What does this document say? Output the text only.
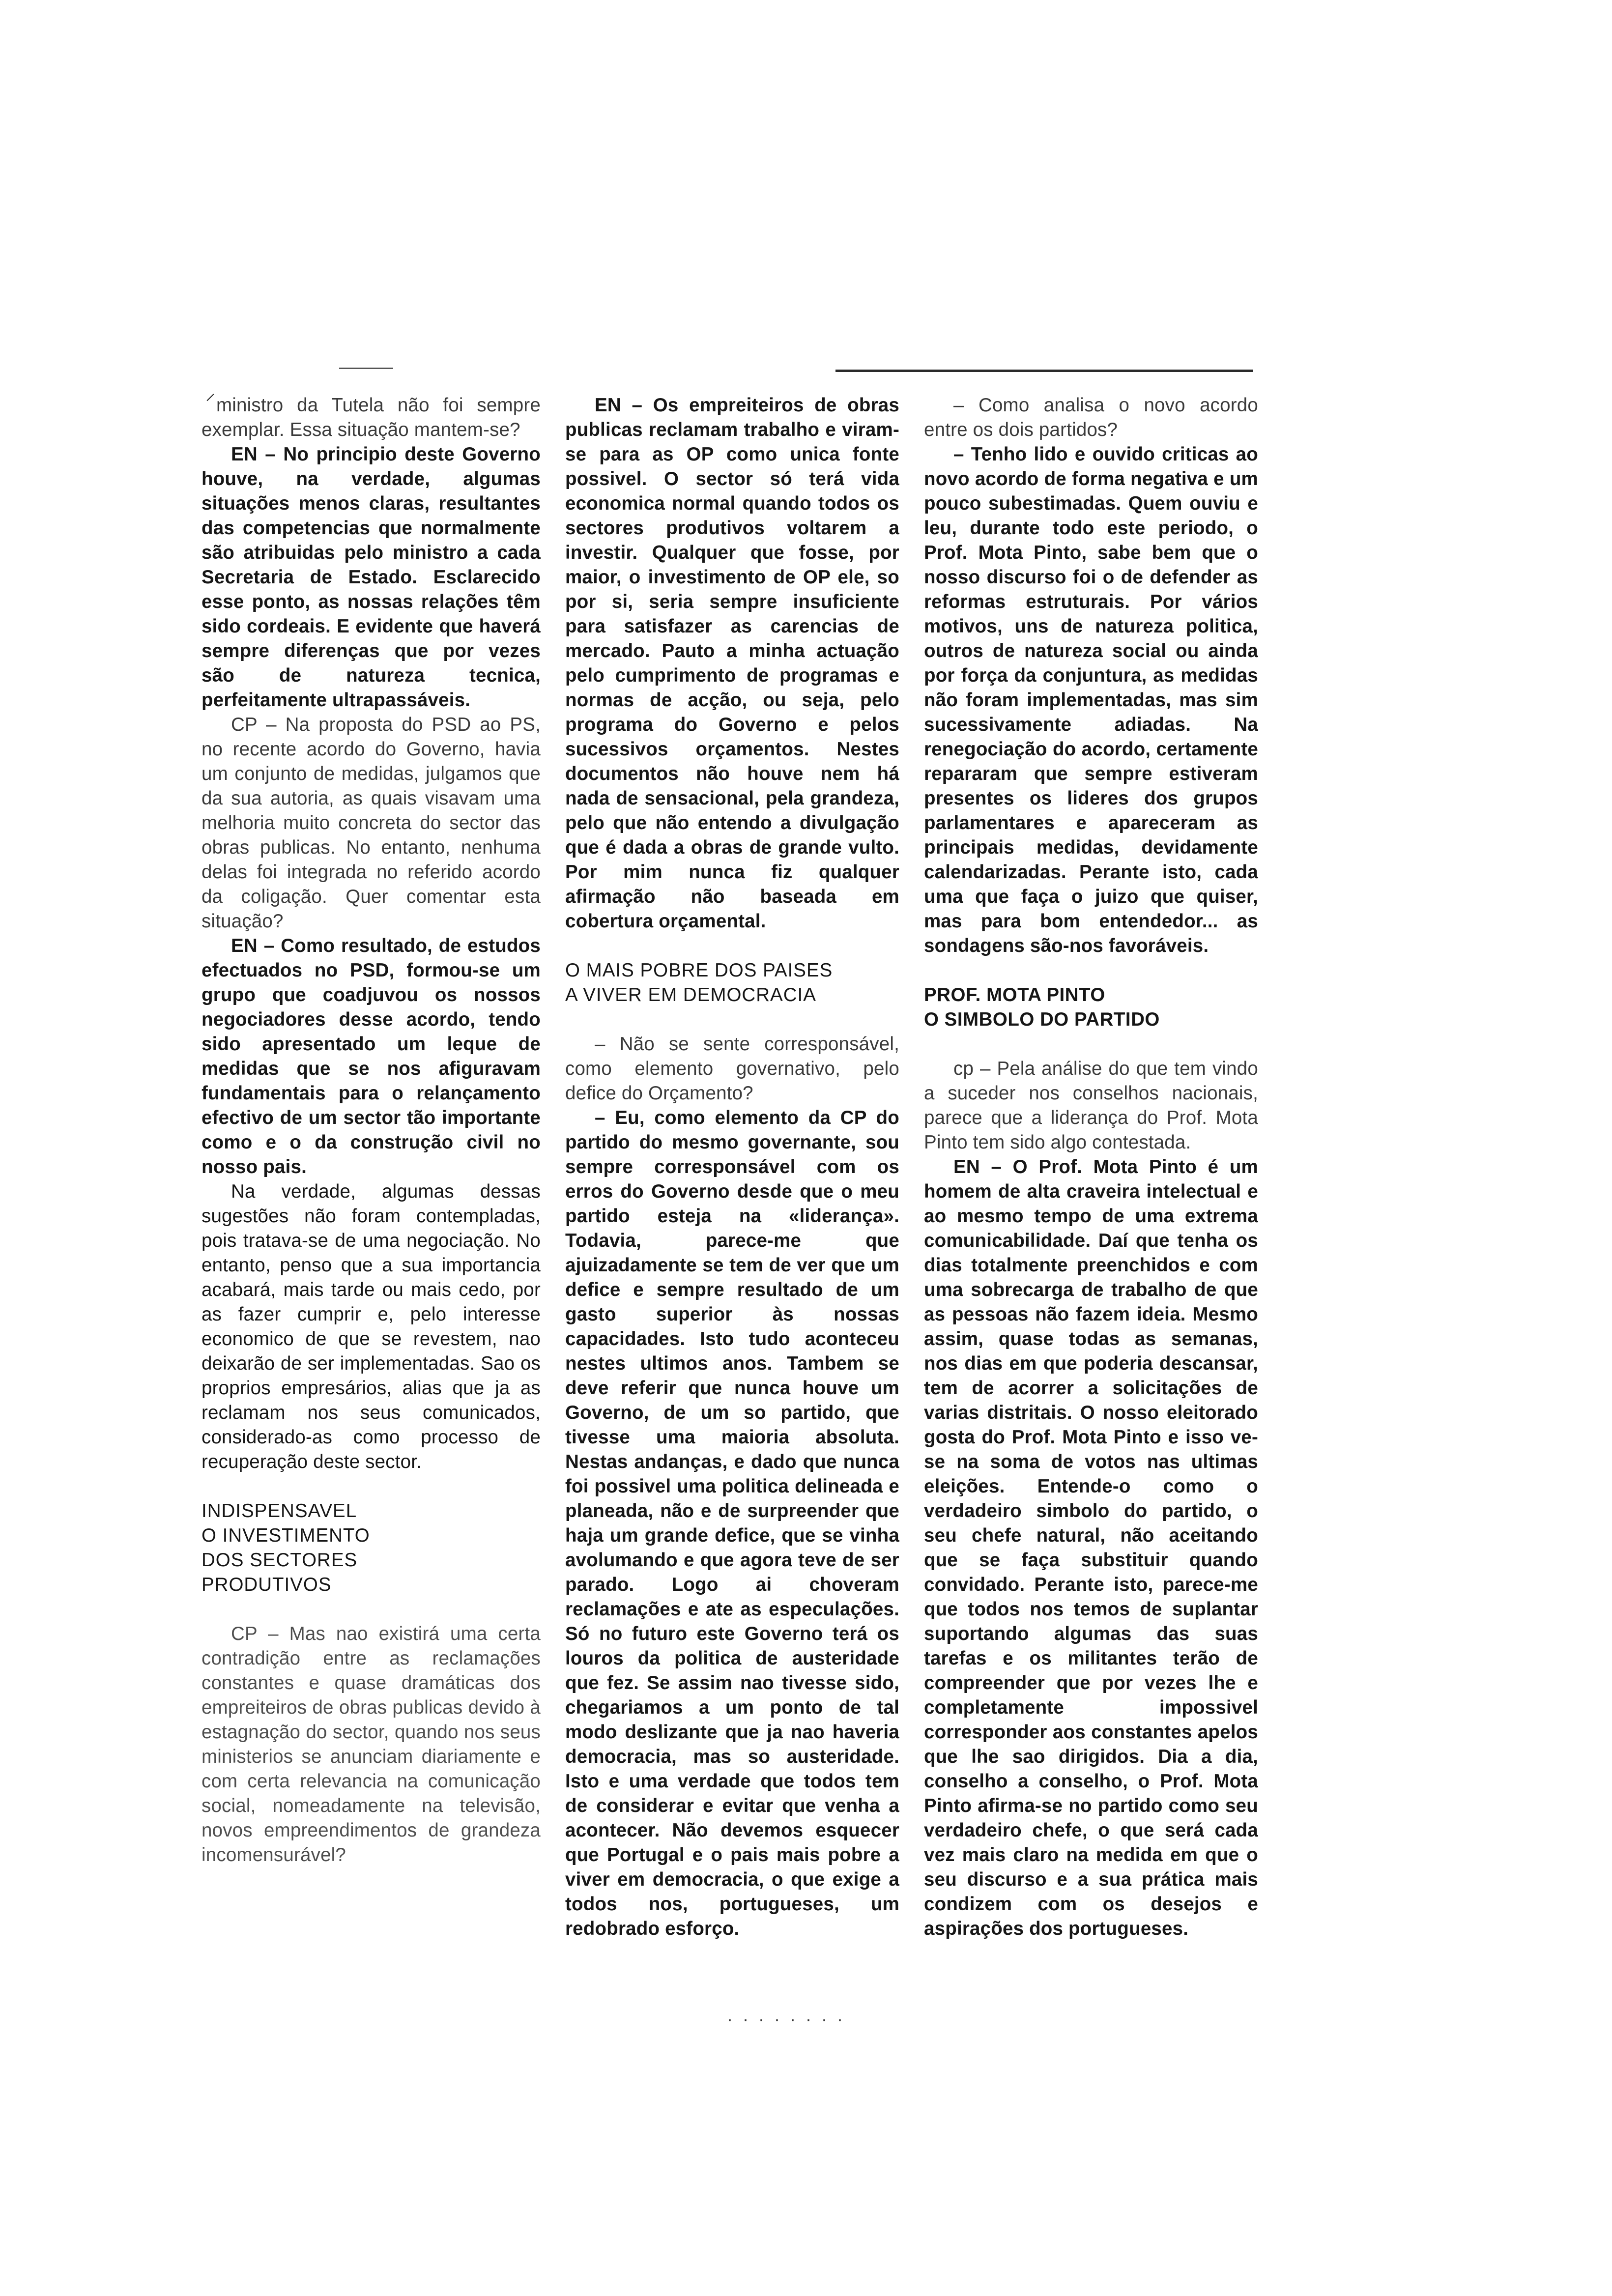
⸝

ministro da Tutela não foi sempre exemplar. Essa situação mantem-se?

EN – No principio deste Governo houve, na verdade, algumas situações menos claras, resultantes das competencias que normalmente são atribuidas pelo ministro a cada Secretaria de Estado. Esclarecido esse ponto, as nossas relações têm sido cordeais. E evidente que haverá sempre diferenças que por vezes são de natureza tecnica, perfeitamente ultrapassáveis.

CP – Na proposta do PSD ao PS, no recente acordo do Governo, havia um conjunto de medidas, julgamos que da sua autoria, as quais visavam uma melhoria muito concreta do sector das obras publicas. No entanto, nenhuma delas foi integrada no referido acordo da coligação. Quer comentar esta situação?

EN – Como resultado, de estudos efectuados no PSD, formou-se um grupo que coadjuvou os nossos negociadores desse acordo, tendo sido apresentado um leque de medidas que se nos afiguravam fundamentais para o relançamento efectivo de um sector tão importante como e o da construção civil no nosso pais.

Na verdade, algumas dessas sugestões não foram contempladas, pois tratava-se de uma negociação. No entanto, penso que a sua importancia acabará, mais tarde ou mais cedo, por as fazer cumprir e, pelo interesse economico de que se revestem, nao deixarão de ser implementadas. Sao os proprios empresários, alias que ja as reclamam nos seus comunicados, considerado-as como processo de recuperação deste sector.

INDISPENSAVEL
O INVESTIMENTO
DOS SECTORES
PRODUTIVOS

CP – Mas nao existirá uma certa contradição entre as reclamações constantes e quase dramáticas dos empreiteiros de obras publicas devido à estagnação do sector, quando nos seus ministerios se anunciam diariamente e com certa relevancia na comunicação social, nomeadamente na televisão, novos empreendimentos de grandeza incomensurável?

EN – Os empreiteiros de obras publicas reclamam trabalho e viram-se para as OP como unica fonte possivel. O sector só terá vida economica normal quando todos os sectores produtivos voltarem a investir. Qualquer que fosse, por maior, o investimento de OP ele, so por si, seria sempre insuficiente para satisfazer as carencias de mercado. Pauto a minha actuação pelo cumprimento de programas e normas de acção, ou seja, pelo programa do Governo e pelos sucessivos orçamentos. Nestes documentos não houve nem há nada de sensacional, pela grandeza, pelo que não entendo a divulgação que é dada a obras de grande vulto. Por mim nunca fiz qualquer afirmação não baseada em cobertura orçamental.

O MAIS POBRE DOS PAISES
A VIVER EM DEMOCRACIA

– Não se sente corresponsável, como elemento governativo, pelo defice do Orçamento?

– Eu, como elemento da CP do partido do mesmo governante, sou sempre corresponsável com os erros do Governo desde que o meu partido esteja na «liderança». Todavia, parece-me que ajuizadamente se tem de ver que um defice e sempre resultado de um gasto superior às nossas capacidades. Isto tudo aconteceu nestes ultimos anos. Tambem se deve referir que nunca houve um Governo, de um so partido, que tivesse uma maioria absoluta. Nestas andanças, e dado que nunca foi possivel uma politica delineada e planeada, não e de surpreender que haja um grande defice, que se vinha avolumando e que agora teve de ser parado. Logo ai choveram reclamações e ate as especulações. Só no futuro este Governo terá os louros da politica de austeridade que fez. Se assim nao tivesse sido, chegariamos a um ponto de tal modo deslizante que ja nao haveria democracia, mas so austeridade. Isto e uma verdade que todos tem de considerar e evitar que venha a acontecer. Não devemos esquecer que Portugal e o pais mais pobre a viver em democracia, o que exige a todos nos, portugueses, um redobrado esforço.

. . . . . . . .

– Como analisa o novo acordo entre os dois partidos?

– Tenho lido e ouvido criticas ao novo acordo de forma negativa e um pouco subestimadas. Quem ouviu e leu, durante todo este periodo, o Prof. Mota Pinto, sabe bem que o nosso discurso foi o de defender as reformas estruturais. Por vários motivos, uns de natureza politica, outros de natureza social ou ainda por força da conjuntura, as medidas não foram implementadas, mas sim sucessivamente adiadas. Na renegociação do acordo, certamente repararam que sempre estiveram presentes os lideres dos grupos parlamentares e apareceram as principais medidas, devidamente calendarizadas. Perante isto, cada uma que faça o juizo que quiser, mas para bom entendedor... as sondagens são-nos favoráveis.

PROF. MOTA PINTO
O SIMBOLO DO PARTIDO

cp – Pela análise do que tem vindo a suceder nos conselhos nacionais, parece que a liderança do Prof. Mota Pinto tem sido algo contestada.

EN – O Prof. Mota Pinto é um homem de alta craveira intelectual e ao mesmo tempo de uma extrema comunicabilidade. Daí que tenha os dias totalmente preenchidos e com uma sobrecarga de trabalho de que as pessoas não fazem ideia. Mesmo assim, quase todas as semanas, nos dias em que poderia descansar, tem de acorrer a solicitações de varias distritais. O nosso eleitorado gosta do Prof. Mota Pinto e isso ve-se na soma de votos nas ultimas eleições. Entende-o como o verdadeiro simbolo do partido, o seu chefe natural, não aceitando que se faça substituir quando convidado. Perante isto, parece-me que todos nos temos de suplantar suportando algumas das suas tarefas e os militantes terão de compreender que por vezes lhe e completamente impossivel corresponder aos constantes apelos que lhe sao dirigidos. Dia a dia, conselho a conselho, o Prof. Mota Pinto afirma-se no partido como seu verdadeiro chefe, o que será cada vez mais claro na medida em que o seu discurso e a sua prática mais condizem com os desejos e aspirações dos portugueses.
